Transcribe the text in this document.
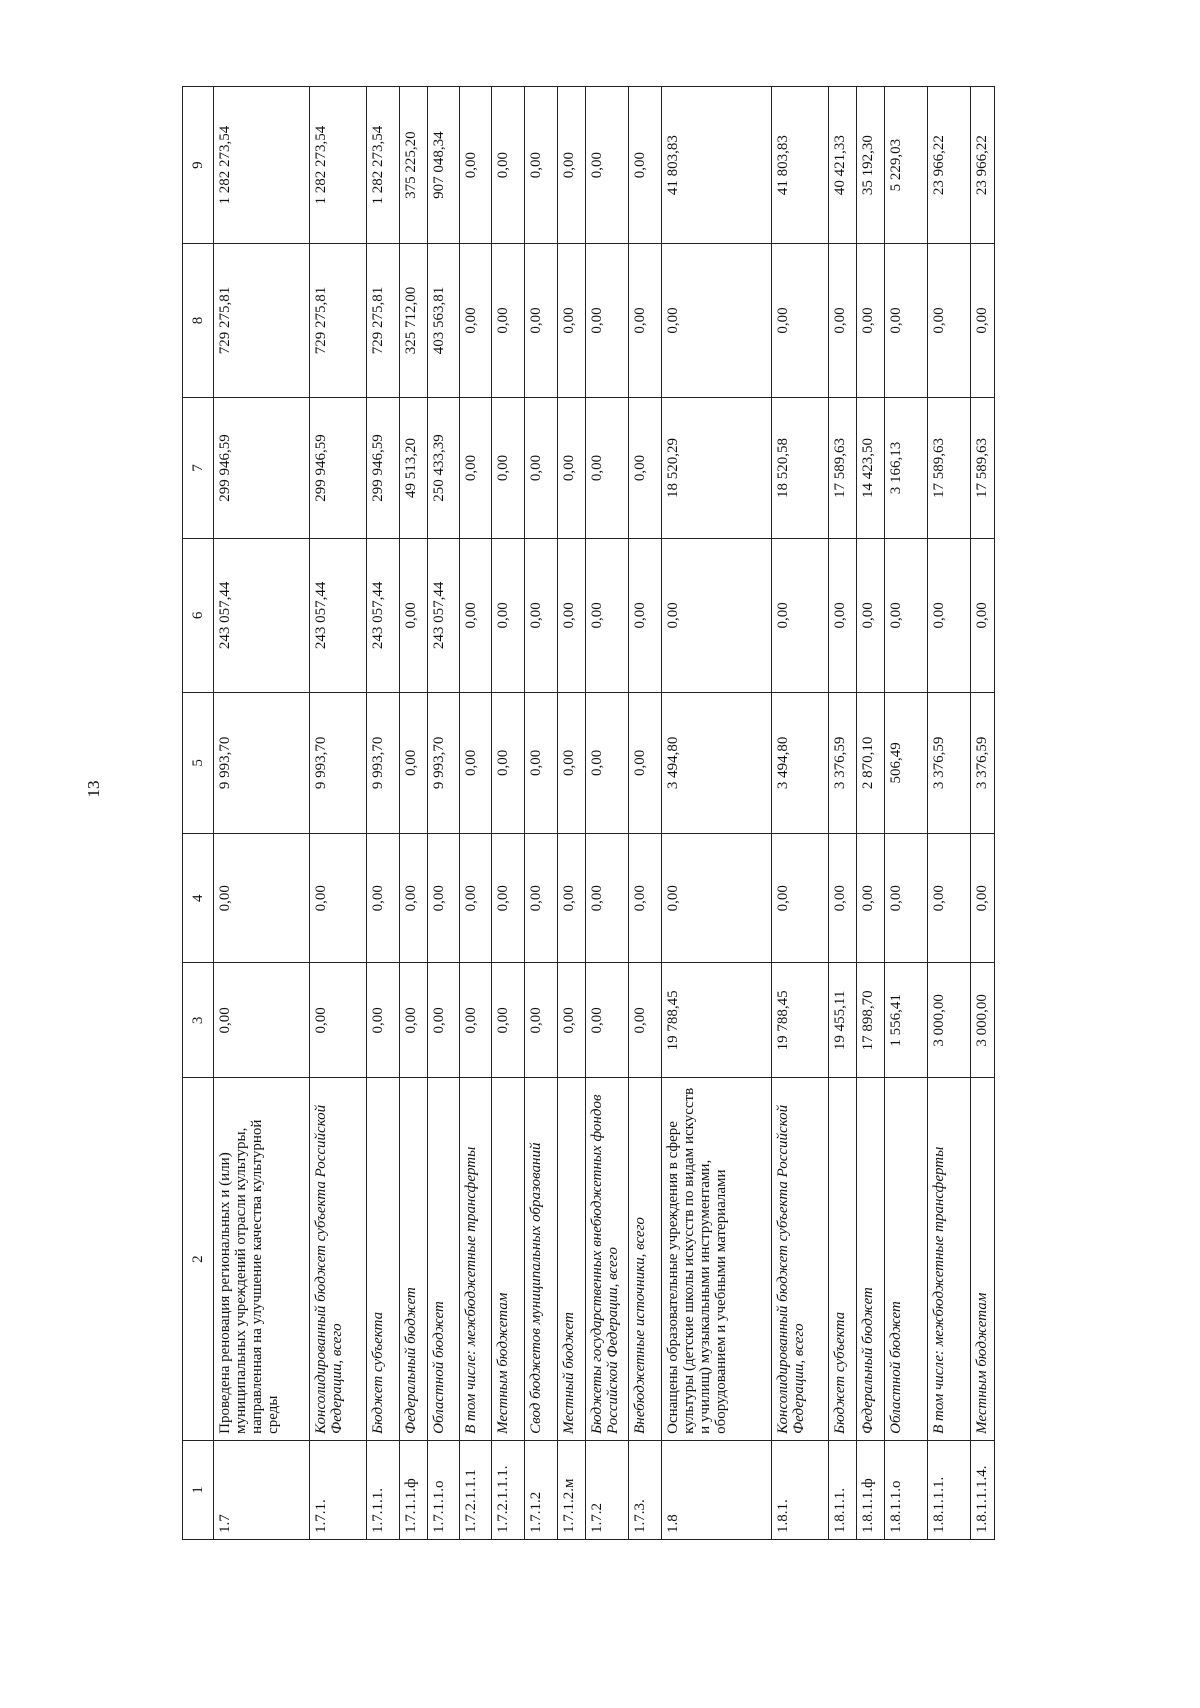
13
1	2	3	4	5	6	7	8	9
1.7	Проведена реновация региональных и (или) муниципальных учреждений отрасли культуры, направленная на улучшение качества культурной среды	0,00	0,00	9 993,70	243 057,44	299 946,59	729 275,81	1 282 273,54
1.7.1.	Консолидированный бюджет субъекта Российской Федерации, всего	0,00	0,00	9 993,70	243 057,44	299 946,59	729 275,81	1 282 273,54
1.7.1.1.	Бюджет субъекта	0,00	0,00	9 993,70	243 057,44	299 946,59	729 275,81	1 282 273,54
1.7.1.1.ф	Федеральный бюджет	0,00	0,00	0,00	0,00	49 513,20	325 712,00	375 225,20
1.7.1.1.о	Областной бюджет	0,00	0,00	9 993,70	243 057,44	250 433,39	403 563,81	907 048,34
1.7.2.1.1.1	В том числе: межбюджетные трансферты	0,00	0,00	0,00	0,00	0,00	0,00	0,00
1.7.2.1.1.1.	Местным бюджетам	0,00	0,00	0,00	0,00	0,00	0,00	0,00
1.7.1.2	Свод бюджетов муниципальных образований	0,00	0,00	0,00	0,00	0,00	0,00	0,00
1.7.1.2.м	Местный бюджет	0,00	0,00	0,00	0,00	0,00	0,00	0,00
1.7.2	Бюджеты государственных внебюджетных фондов Российской Федерации, всего	0,00	0,00	0,00	0,00	0,00	0,00	0,00
1.7.3.	Внебюджетные источники, всего	0,00	0,00	0,00	0,00	0,00	0,00	0,00
1.8	Оснащены образовательные учреждения в сфере культуры (детские школы искусств по видам искусств и училищ) музыкальными инструментами, оборудованием и учебными материалами	19 788,45	0,00	3 494,80	0,00	18 520,29	0,00	41 803,83
1.8.1.	Консолидированный бюджет субъекта Российской Федерации, всего	19 788,45	0,00	3 494,80	0,00	18 520,58	0,00	41 803,83
1.8.1.1.	Бюджет субъекта	19 455,11	0,00	3 376,59	0,00	17 589,63	0,00	40 421,33
1.8.1.1.ф	Федеральный бюджет	17 898,70	0,00	2 870,10	0,00	14 423,50	0,00	35 192,30
1.8.1.1.о	Областной бюджет	1 556,41	0,00	506,49	0,00	3 166,13	0,00	5 229,03
1.8.1.1.1.	В том числе: межбюджетные трансферты	3 000,00	0,00	3 376,59	0,00	17 589,63	0,00	23 966,22
1.8.1.1.1.4.	Местным бюджетам	3 000,00	0,00	3 376,59	0,00	17 589,63	0,00	23 966,22
